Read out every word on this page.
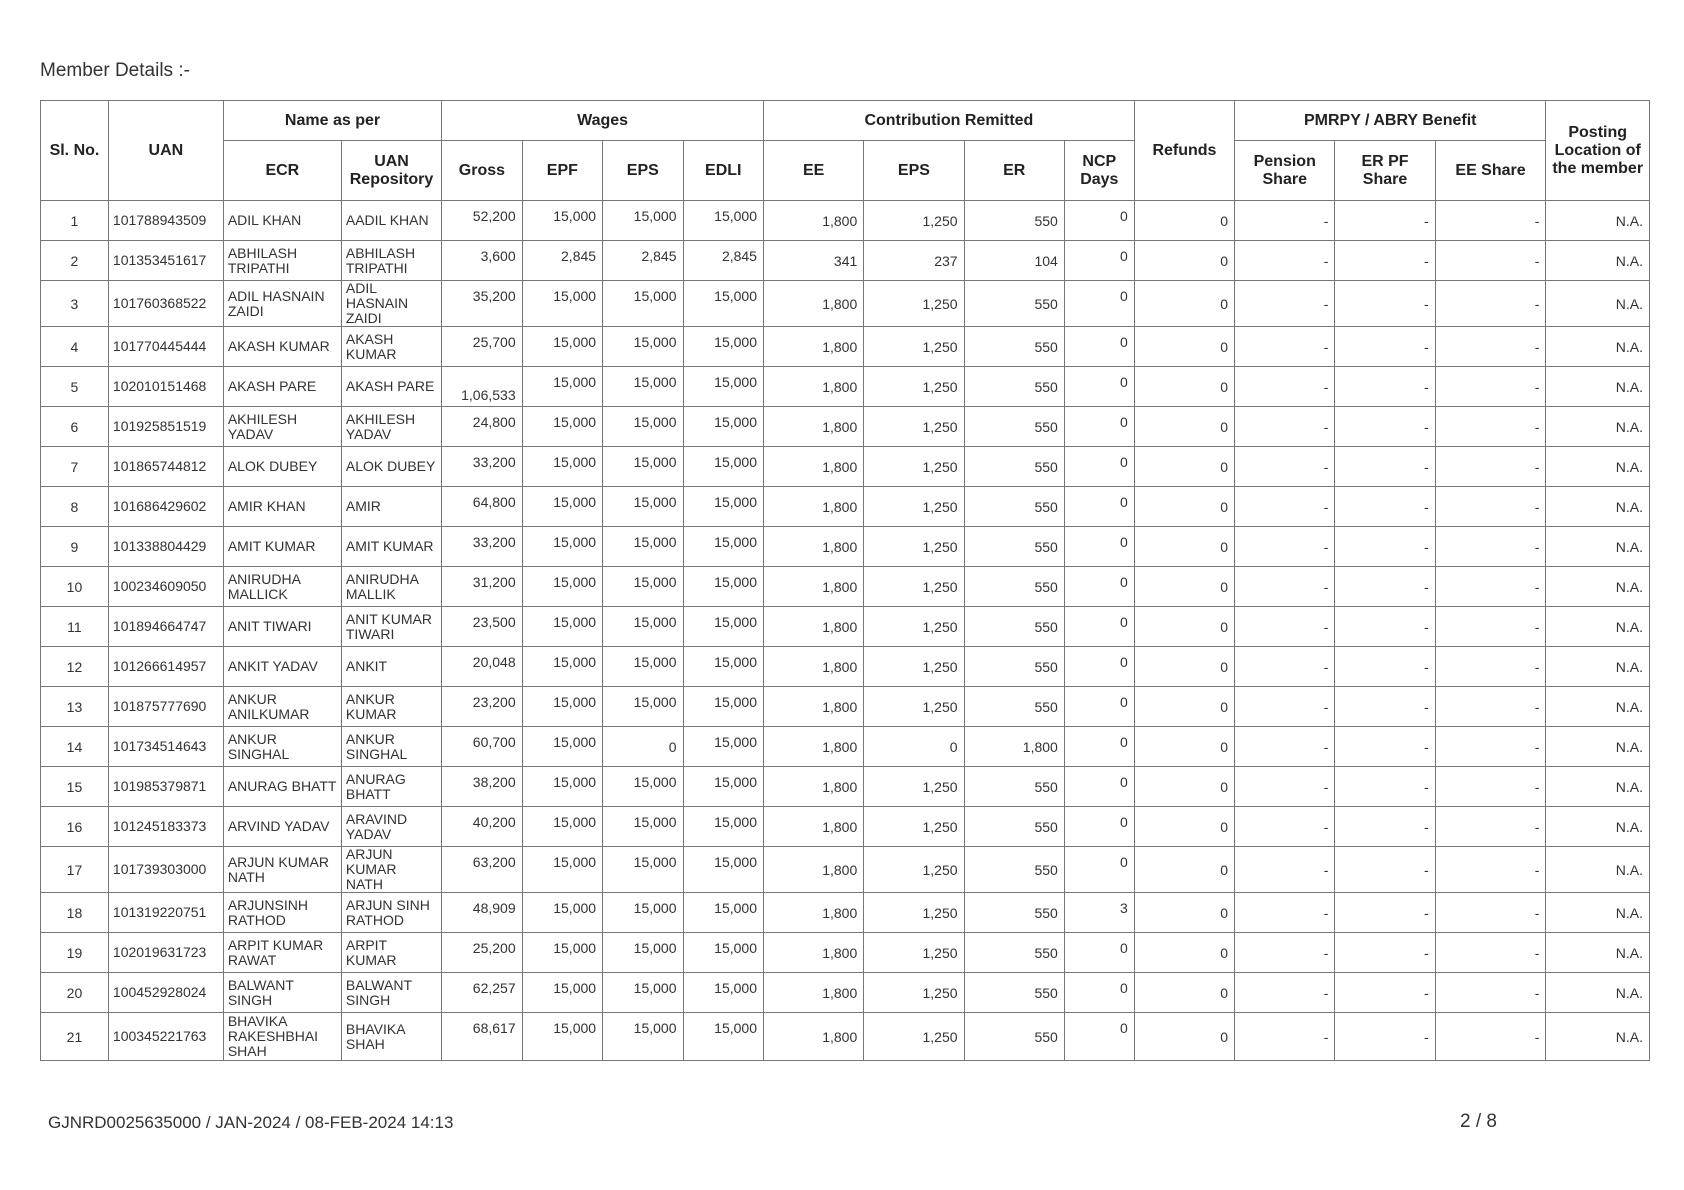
Member Details :-
Sl. No.	UAN	Name as per		Wages				Contribution Remitted				Refunds	PMRPY / ABRY Benefit			Posting Location of the member
		ECR	UAN Repository	Gross	EPF	EPS	EDLI	EE	EPS	ER	NCP Days		Pension Share	ER PF Share	EE Share	
1	101788943509	ADIL KHAN	AADIL KHAN	52,200	15,000	15,000	15,000	1,800	1,250	550	0	0	-	-	-	N.A.
2	101353451617	ABHILASH TRIPATHI	ABHILASH TRIPATHI	3,600	2,845	2,845	2,845	341	237	104	0	0	-	-	-	N.A.
3	101760368522	ADIL HASNAIN ZAIDI	ADIL HASNAIN ZAIDI	35,200	15,000	15,000	15,000	1,800	1,250	550	0	0	-	-	-	N.A.
4	101770445444	AKASH KUMAR	AKASH KUMAR	25,700	15,000	15,000	15,000	1,800	1,250	550	0	0	-	-	-	N.A.
5	102010151468	AKASH PARE	AKASH PARE	1,06,533	15,000	15,000	15,000	1,800	1,250	550	0	0	-	-	-	N.A.
6	101925851519	AKHILESH YADAV	AKHILESH YADAV	24,800	15,000	15,000	15,000	1,800	1,250	550	0	0	-	-	-	N.A.
7	101865744812	ALOK DUBEY	ALOK DUBEY	33,200	15,000	15,000	15,000	1,800	1,250	550	0	0	-	-	-	N.A.
8	101686429602	AMIR KHAN	AMIR	64,800	15,000	15,000	15,000	1,800	1,250	550	0	0	-	-	-	N.A.
9	101338804429	AMIT KUMAR	AMIT KUMAR	33,200	15,000	15,000	15,000	1,800	1,250	550	0	0	-	-	-	N.A.
10	100234609050	ANIRUDHA MALLICK	ANIRUDHA MALLIK	31,200	15,000	15,000	15,000	1,800	1,250	550	0	0	-	-	-	N.A.
11	101894664747	ANIT TIWARI	ANIT KUMAR TIWARI	23,500	15,000	15,000	15,000	1,800	1,250	550	0	0	-	-	-	N.A.
12	101266614957	ANKIT YADAV	ANKIT	20,048	15,000	15,000	15,000	1,800	1,250	550	0	0	-	-	-	N.A.
13	101875777690	ANKUR ANILKUMAR	ANKUR KUMAR	23,200	15,000	15,000	15,000	1,800	1,250	550	0	0	-	-	-	N.A.
14	101734514643	ANKUR SINGHAL	ANKUR SINGHAL	60,700	15,000	0	15,000	1,800	0	1,800	0	0	-	-	-	N.A.
15	101985379871	ANURAG BHATT	ANURAG BHATT	38,200	15,000	15,000	15,000	1,800	1,250	550	0	0	-	-	-	N.A.
16	101245183373	ARVIND YADAV	ARAVIND YADAV	40,200	15,000	15,000	15,000	1,800	1,250	550	0	0	-	-	-	N.A.
17	101739303000	ARJUN KUMAR NATH	ARJUN KUMAR NATH	63,200	15,000	15,000	15,000	1,800	1,250	550	0	0	-	-	-	N.A.
18	101319220751	ARJUNSINH RATHOD	ARJUN SINH RATHOD	48,909	15,000	15,000	15,000	1,800	1,250	550	3	0	-	-	-	N.A.
19	102019631723	ARPIT KUMAR RAWAT	ARPIT KUMAR	25,200	15,000	15,000	15,000	1,800	1,250	550	0	0	-	-	-	N.A.
20	100452928024	BALWANT SINGH	BALWANT SINGH	62,257	15,000	15,000	15,000	1,800	1,250	550	0	0	-	-	-	N.A.
21	100345221763	BHAVIKA RAKESHBHAI SHAH	BHAVIKA SHAH	68,617	15,000	15,000	15,000	1,800	1,250	550	0	0	-	-	-	N.A.
GJNRD0025635000 / JAN-2024 / 08-FEB-2024 14:13	2 / 8
